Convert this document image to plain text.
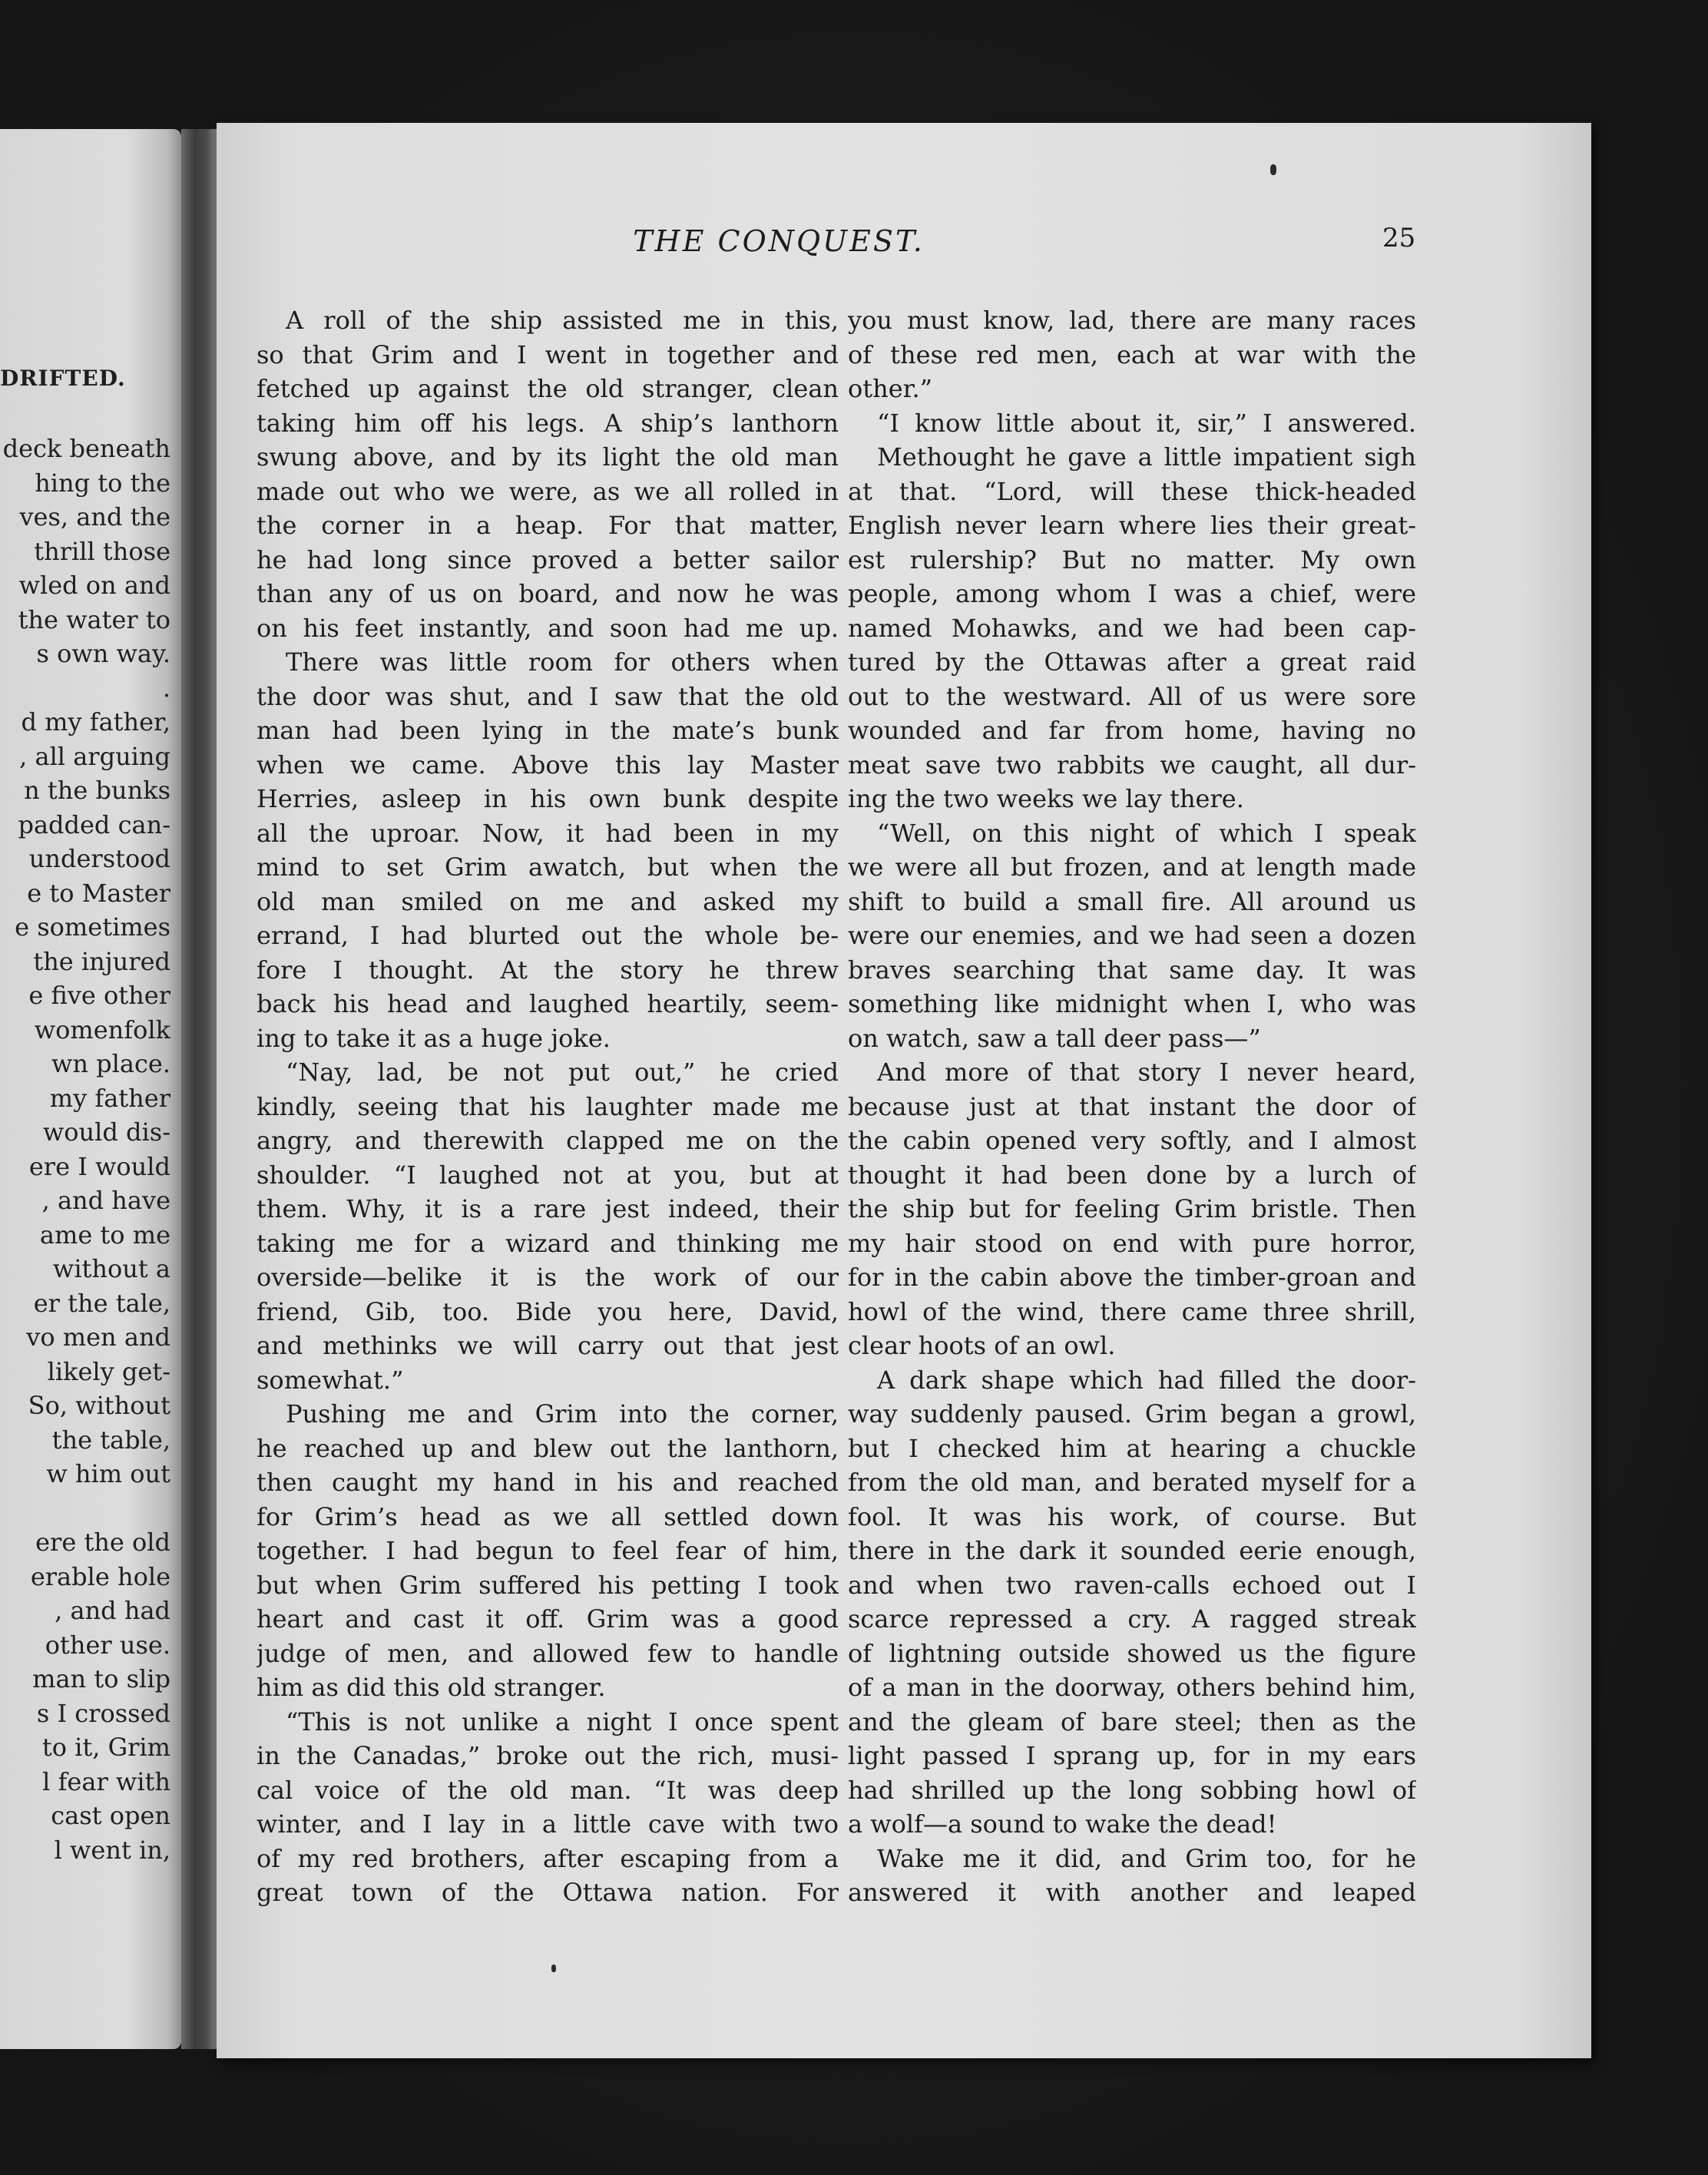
DRIFTED.
deck beneath
hing to the
ves, and the
thrill those
wled on and
the water to
s own way.
.
d my father,
, all arguing
n the bunks
padded can-
understood
e to Master
e sometimes
the injured
e five other
womenfolk
wn place.
my father
would dis-
ere I would
, and have
ame to me
without a
er the tale,
vo men and
likely get-
So, without
the table,
w him out
ere the old
erable hole
, and had
other use.
man to slip
s I crossed
to it, Grim
l fear with
cast open
l went in,
THE CONQUEST.	25
A roll of the ship assisted me in this,
so that Grim and I went in together and
fetched up against the old stranger, clean
taking him off his legs. A ship’s lanthorn
swung above, and by its light the old man
made out who we were, as we all rolled in
the corner in a heap. For that matter,
he had long since proved a better sailor
than any of us on board, and now he was
on his feet instantly, and soon had me up.
There was little room for others when
the door was shut, and I saw that the old
man had been lying in the mate’s bunk
when we came. Above this lay Master
Herries, asleep in his own bunk despite
all the uproar. Now, it had been in my
mind to set Grim awatch, but when the
old man smiled on me and asked my
errand, I had blurted out the whole be-
fore I thought. At the story he threw
back his head and laughed heartily, seem-
ing to take it as a huge joke.
“Nay, lad, be not put out,” he cried
kindly, seeing that his laughter made me
angry, and therewith clapped me on the
shoulder. “I laughed not at you, but at
them. Why, it is a rare jest indeed, their
taking me for a wizard and thinking me
overside—belike it is the work of our
friend, Gib, too. Bide you here, David,
and methinks we will carry out that jest
somewhat.”
Pushing me and Grim into the corner,
he reached up and blew out the lanthorn,
then caught my hand in his and reached
for Grim’s head as we all settled down
together. I had begun to feel fear of him,
but when Grim suffered his petting I took
heart and cast it off. Grim was a good
judge of men, and allowed few to handle
him as did this old stranger.
“This is not unlike a night I once spent
in the Canadas,” broke out the rich, musi-
cal voice of the old man. “It was deep
winter, and I lay in a little cave with two
of my red brothers, after escaping from a
great town of the Ottawa nation. For
you must know, lad, there are many races
of these red men, each at war with the
other.”
“I know little about it, sir,” I answered.
Methought he gave a little impatient sigh
at that. “Lord, will these thick-headed
English never learn where lies their great-
est rulership? But no matter. My own
people, among whom I was a chief, were
named Mohawks, and we had been cap-
tured by the Ottawas after a great raid
out to the westward. All of us were sore
wounded and far from home, having no
meat save two rabbits we caught, all dur-
ing the two weeks we lay there.
“Well, on this night of which I speak
we were all but frozen, and at length made
shift to build a small fire. All around us
were our enemies, and we had seen a dozen
braves searching that same day. It was
something like midnight when I, who was
on watch, saw a tall deer pass—”
And more of that story I never heard,
because just at that instant the door of
the cabin opened very softly, and I almost
thought it had been done by a lurch of
the ship but for feeling Grim bristle. Then
my hair stood on end with pure horror,
for in the cabin above the timber-groan and
howl of the wind, there came three shrill,
clear hoots of an owl.
A dark shape which had filled the door-
way suddenly paused. Grim began a growl,
but I checked him at hearing a chuckle
from the old man, and berated myself for a
fool. It was his work, of course. But
there in the dark it sounded eerie enough,
and when two raven-calls echoed out I
scarce repressed a cry. A ragged streak
of lightning outside showed us the figure
of a man in the doorway, others behind him,
and the gleam of bare steel; then as the
light passed I sprang up, for in my ears
had shrilled up the long sobbing howl of
a wolf—a sound to wake the dead!
Wake me it did, and Grim too, for he
answered it with another and leaped
